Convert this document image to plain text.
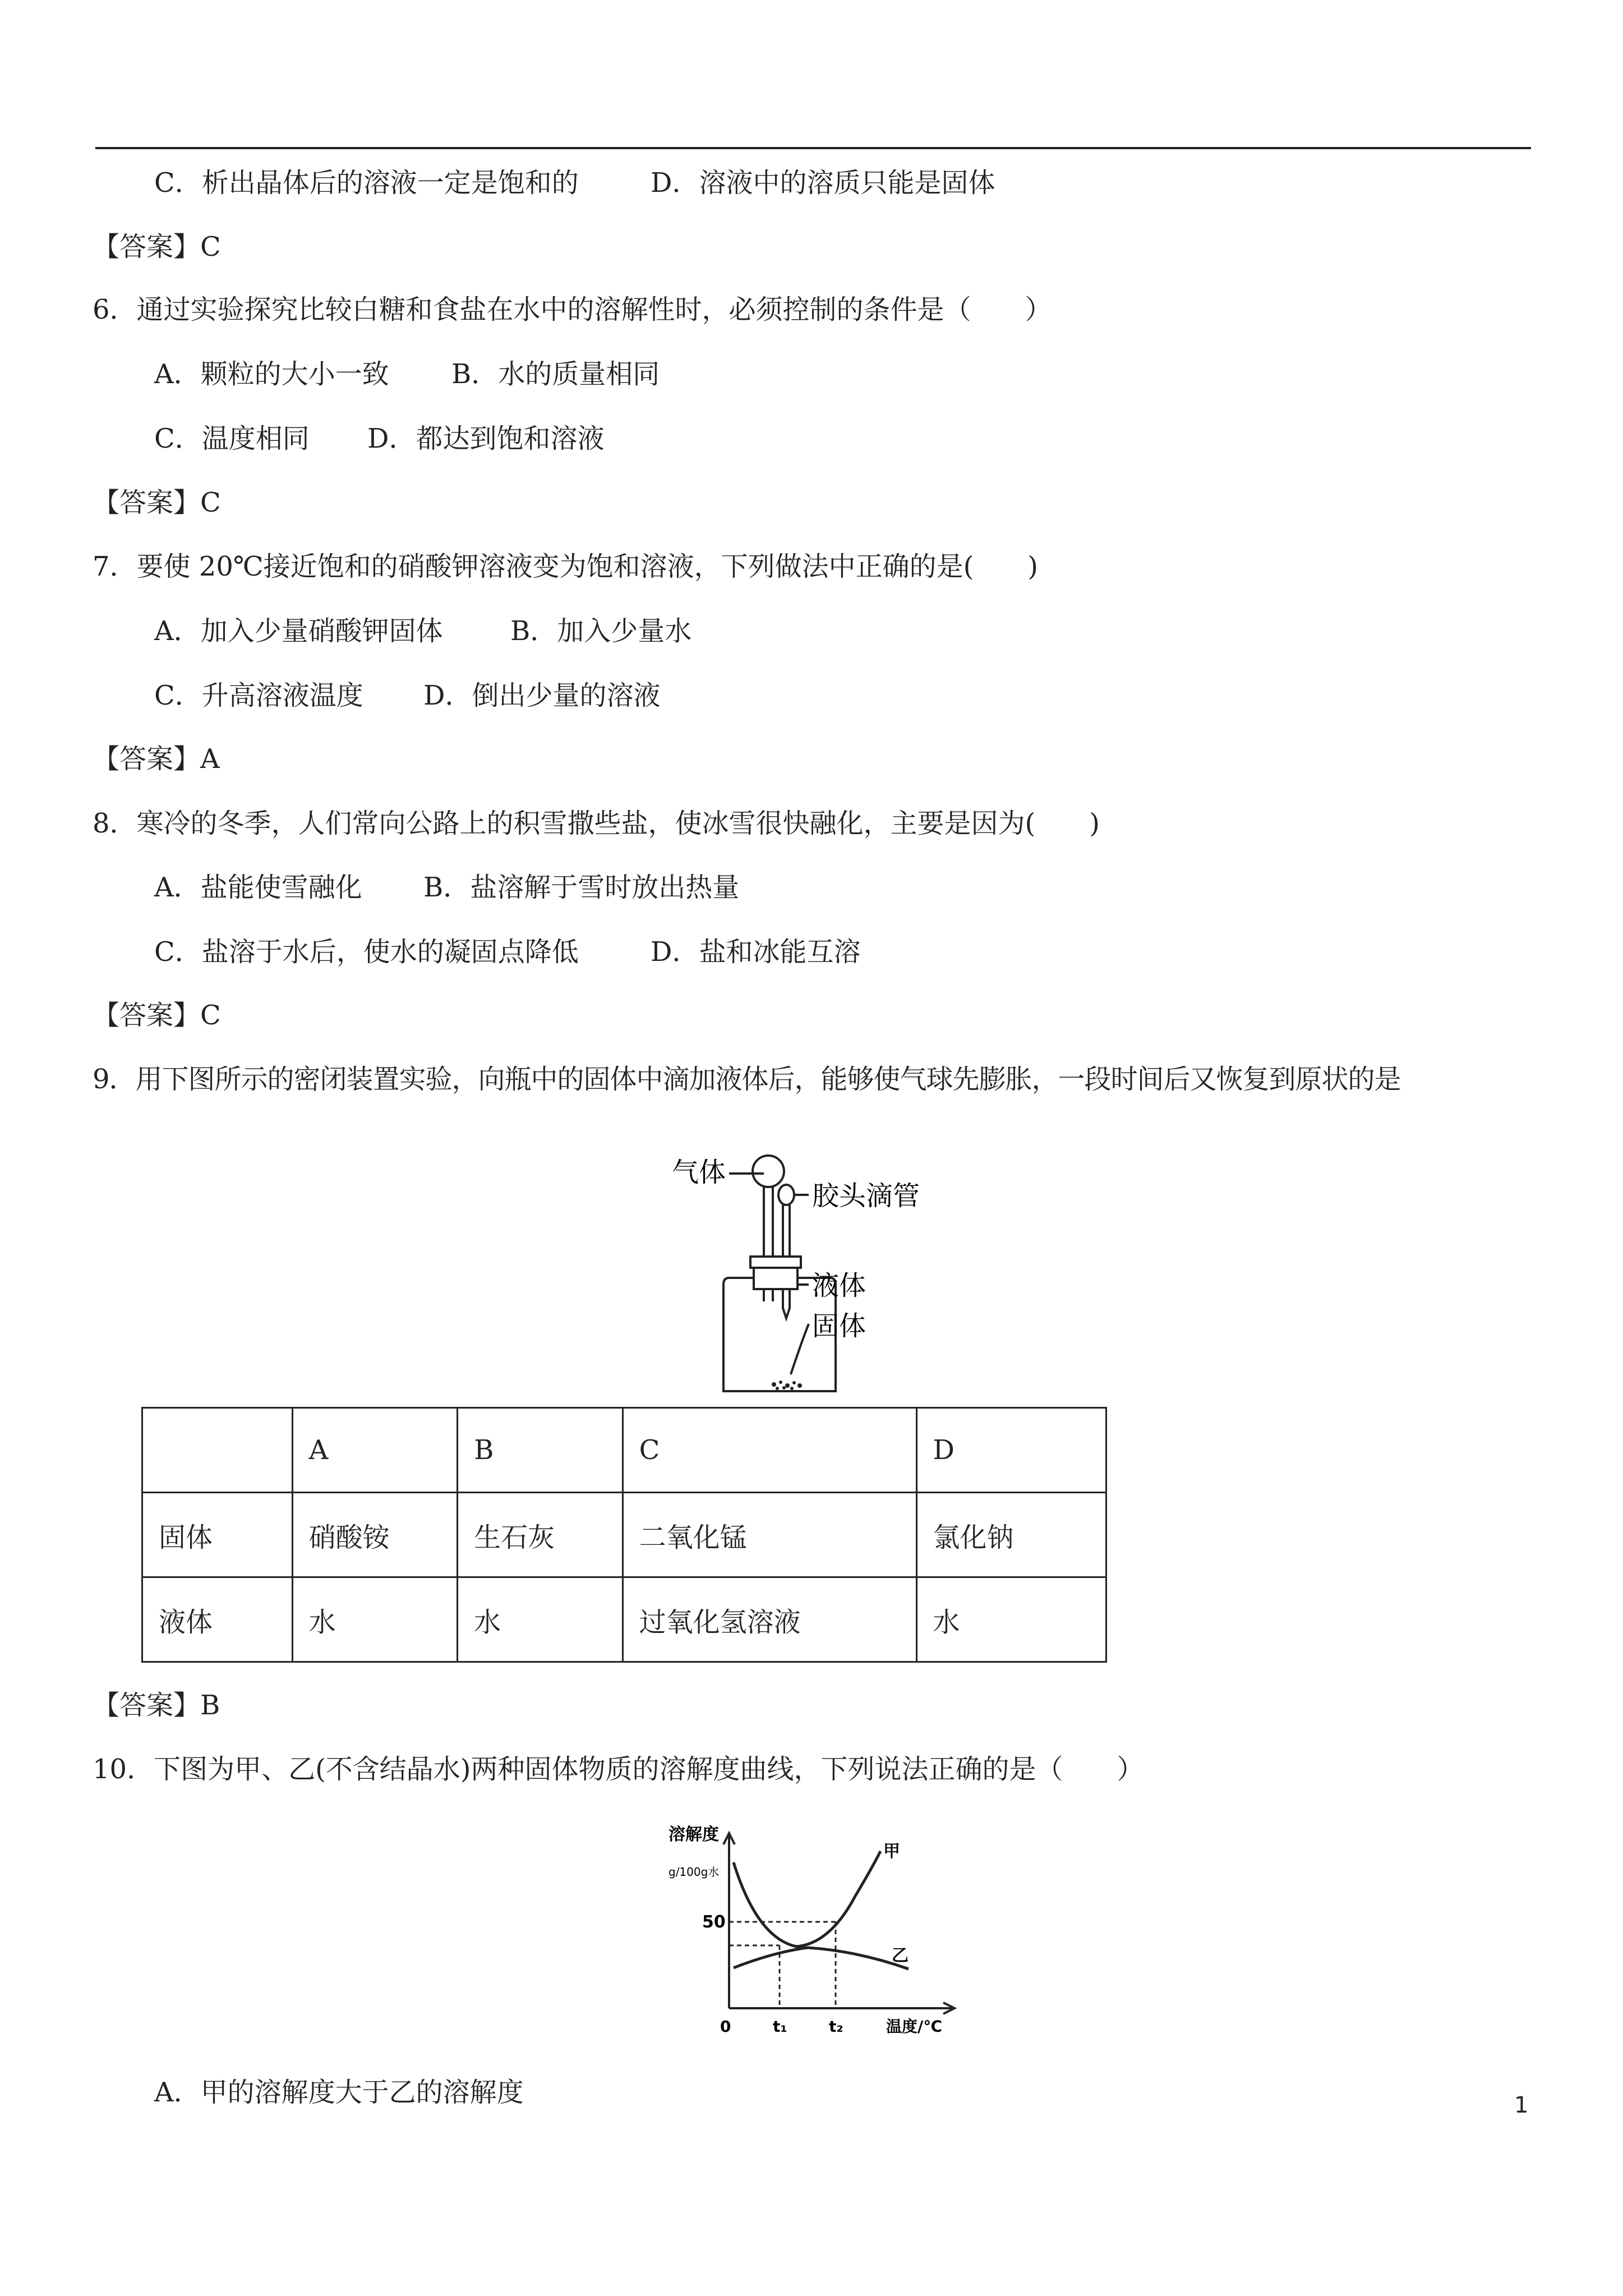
C．析出晶体后的溶液一定是饱和的	D．溶液中的溶质只能是固体
【答案】C
6．通过实验探究比较白糖和食盐在水中的溶解性时，必须控制的条件是（　　）
A．颗粒的大小一致 B．水的质量相同
C．温度相同 D．都达到饱和溶液
【答案】C
7．要使 20℃接近饱和的硝酸钾溶液变为饱和溶液，下列做法中正确的是(　　)
A．加入少量硝酸钾固体	B．加入少量水
C．升高溶液温度 D．倒出少量的溶液
【答案】A
8．寒冷的冬季，人们常向公路上的积雪撒些盐，使冰雪很快融化，主要是因为(　　)
A．盐能使雪融化 B．盐溶解于雪时放出热量
C．盐溶于水后，使水的凝固点降低	D．盐和冰能互溶
【答案】C
9．用下图所示的密闭装置实验，向瓶中的固体中滴加液体后，能够使气球先膨胀，一段时间后又恢复到原状的是
气体
胶头滴管
液体
固体
	A	B	C	D
固体	硝酸铵	生石灰	二氧化锰	氯化钠
液体	水	水	过氧化氢溶液	水
【答案】B
10．下图为甲、乙(不含结晶水)两种固体物质的溶解度曲线，下列说法正确的是（　　）
溶解度
g/100g水
50
0	t₁	t₂	温度/℃
甲
乙
A．甲的溶解度大于乙的溶解度	1
